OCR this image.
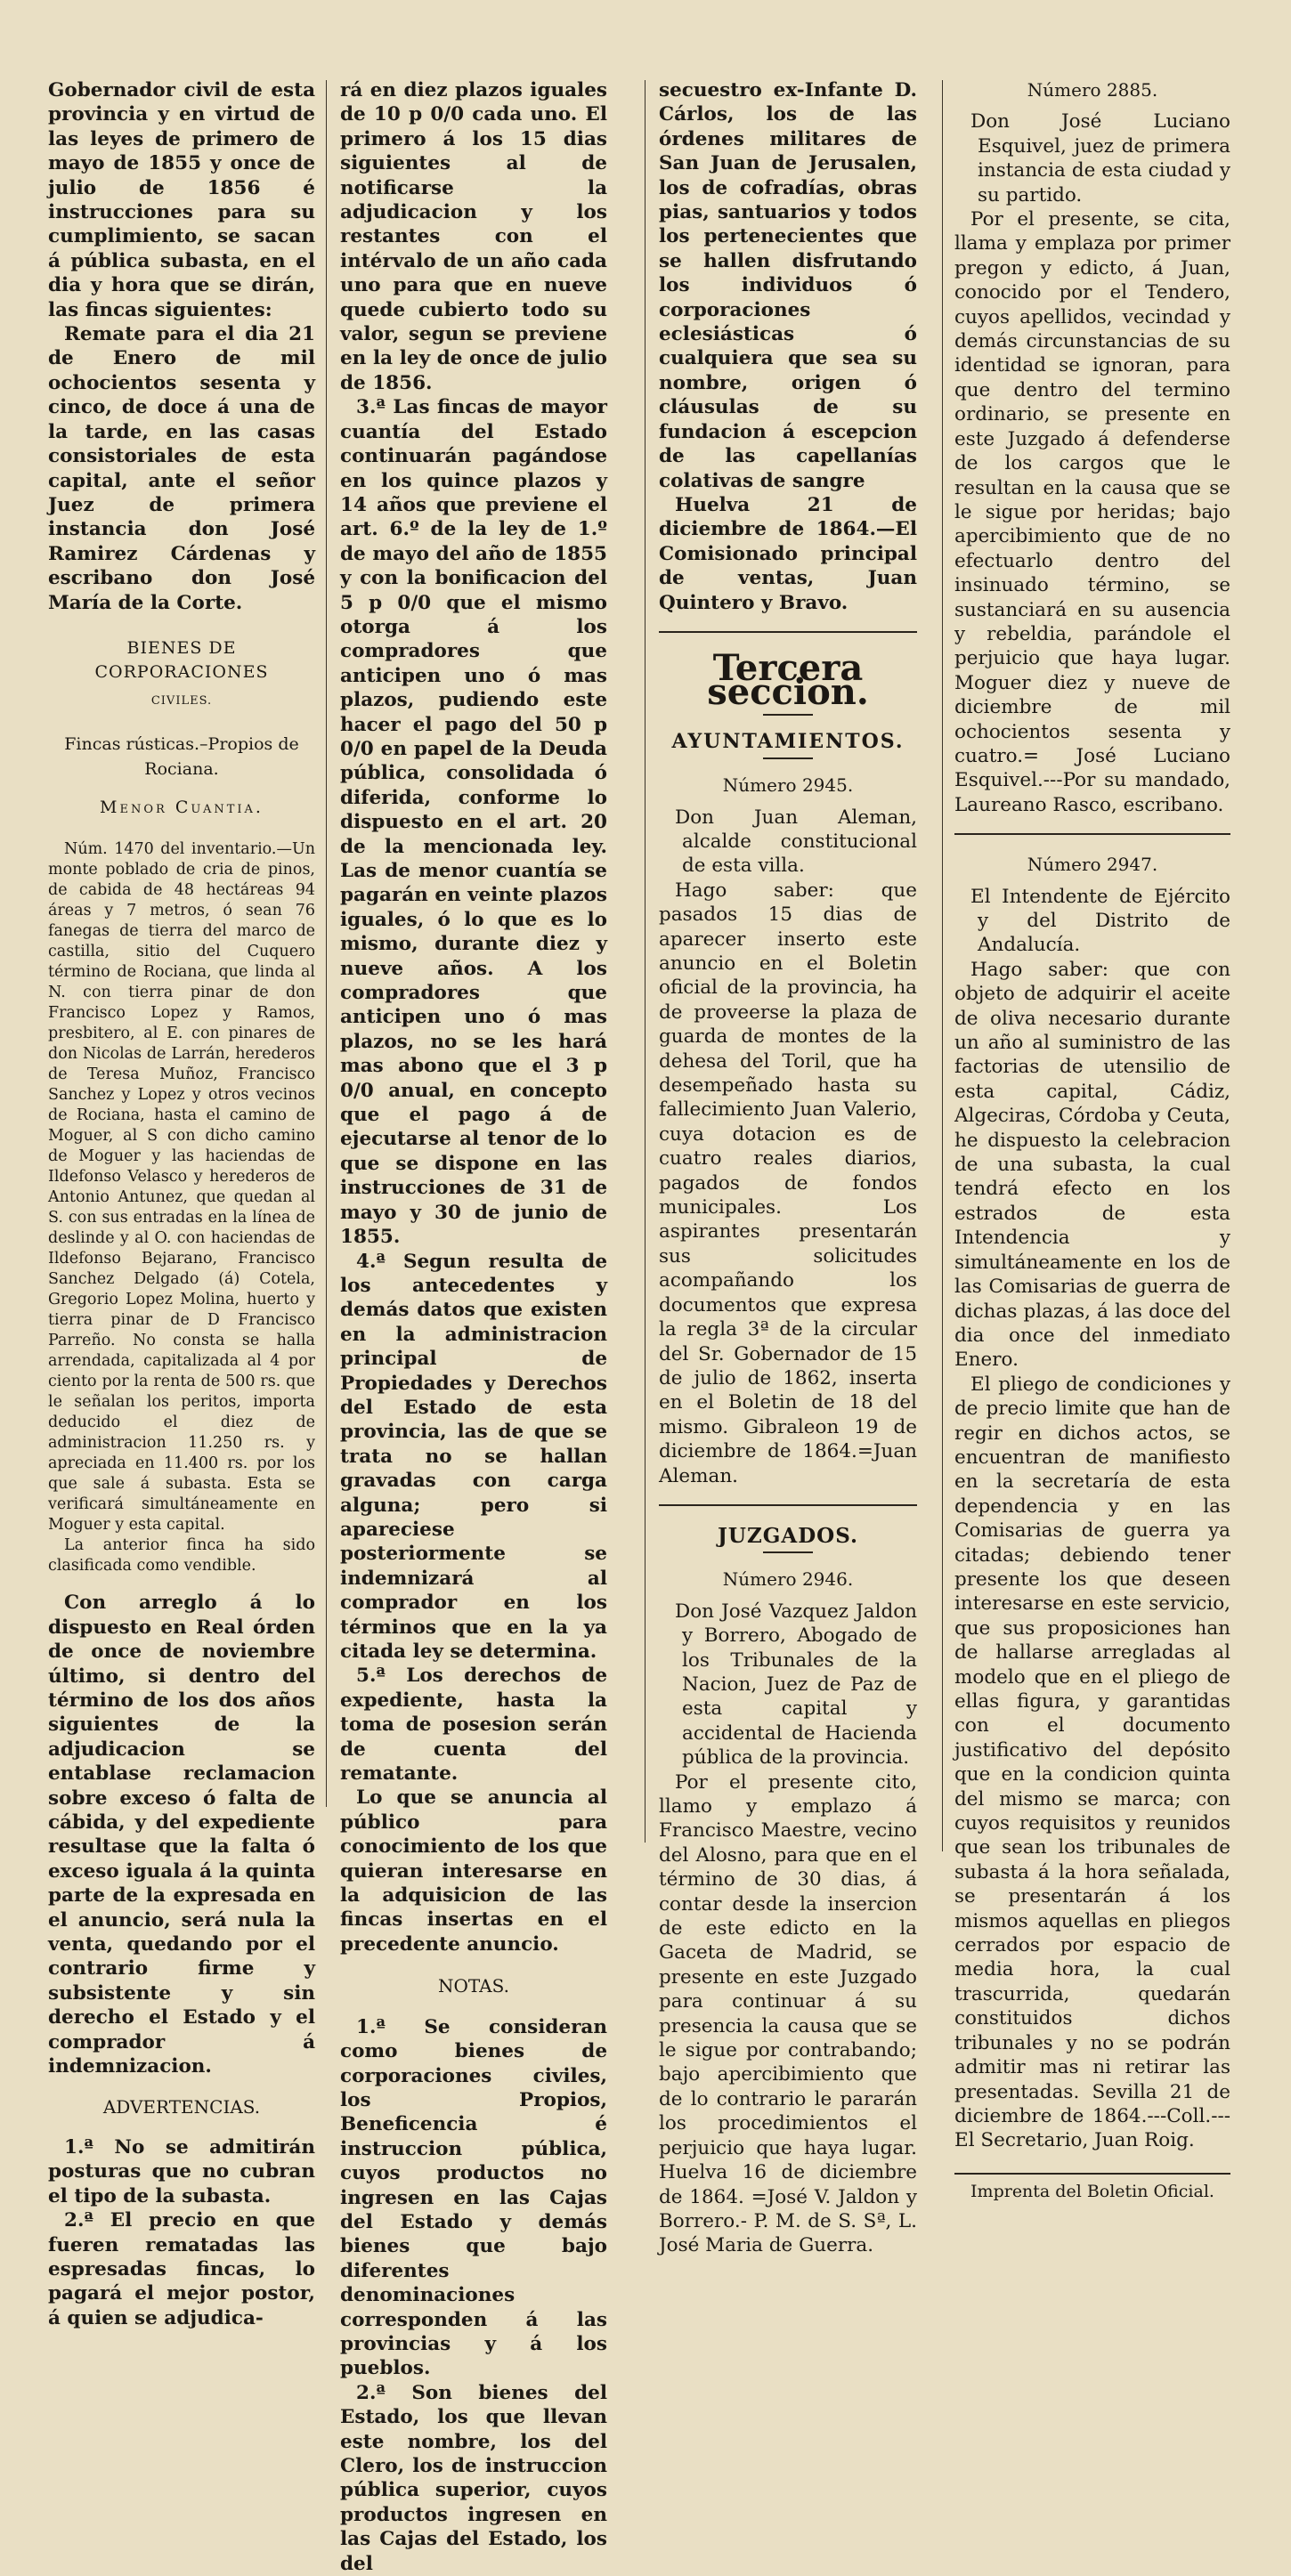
Gobernador civil de esta provincia y en virtud de las leyes de primero de mayo de 1855 y once de julio de 1856 é instrucciones para su cumplimiento, se sacan á pública subasta, en el dia y hora que se dirán, las fincas siguientes:

Remate para el dia 21 de Enero de mil ochocientos sesenta y cinco, de doce á una de la tarde, en las casas consistoriales de esta capital, ante el señor Juez de primera instancia don José Ramirez Cárdenas y escribano don José María de la Corte.

BIENES DE CORPORACIONES
CIVILES.

Fincas rústicas.–Propios de Rociana.

Menor Cuantia.

Núm. 1470 del inventario.—Un monte poblado de cria de pinos, de cabida de 48 hectáreas 94 áreas y 7 metros, ó sean 76 fanegas de tierra del marco de castilla, sitio del Cuquero término de Rociana, que linda al N. con tierra pinar de don Francisco Lopez y Ramos, presbitero, al E. con pinares de don Nicolas de Larrán, herederos de Teresa Muñoz, Francisco Sanchez y Lopez y otros vecinos de Rociana, hasta el camino de Moguer, al S con dicho camino de Moguer y las haciendas de Ildefonso Velasco y herederos de Antonio Antunez, que quedan al S. con sus entradas en la línea de deslinde y al O. con haciendas de Ildefonso Bejarano, Francisco Sanchez Delgado (á) Cotela, Gregorio Lopez Molina, huerto y tierra pinar de D Francisco Parreño. No consta se halla arrendada, capitalizada al 4 por ciento por la renta de 500 rs. que le señalan los peritos, importa deducido el diez de administracion 11.250 rs. y apreciada en 11.400 rs. por los que sale á subasta. Esta se verificará simultáneamente en Moguer y esta capital.

La anterior finca ha sido clasificada como vendible.

Con arreglo á lo dispuesto en Real órden de once de noviembre último, si dentro del término de los dos años siguientes de la adjudicacion se entablase reclamacion sobre exceso ó falta de cábida, y del expediente resultase que la falta ó exceso iguala á la quinta parte de la expresada en el anuncio, será nula la venta, quedando por el contrario firme y subsistente y sin derecho el Estado y el comprador á indemnizacion.

ADVERTENCIAS.

1.ª No se admitirán posturas que no cubran el tipo de la subasta.

2.ª El precio en que fueren rematadas las espresadas fincas, lo pagará el mejor postor, á quien se adjudica-

rá en diez plazos iguales de 10 p 0/0 cada uno. El primero á los 15 dias siguientes al de notificarse la adjudicacion y los restantes con el intérvalo de un año cada uno para que en nueve quede cubierto todo su valor, segun se previene en la ley de once de julio de 1856.

3.ª Las fincas de mayor cuantía del Estado continuarán pagándose en los quince plazos y 14 años que previene el art. 6.º de la ley de 1.º de mayo del año de 1855 y con la bonificacion del 5 p 0/0 que el mismo otorga á los compradores que anticipen uno ó mas plazos, pudiendo este hacer el pago del 50 p 0/0 en papel de la Deuda pública, consolidada ó diferida, conforme lo dispuesto en el art. 20 de la mencionada ley. Las de menor cuantía se pagarán en veinte plazos iguales, ó lo que es lo mismo, durante diez y nueve años. A los compradores que anticipen uno ó mas plazos, no se les hará mas abono que el 3 p 0/0 anual, en concepto que el pago á de ejecutarse al tenor de lo que se dispone en las instrucciones de 31 de mayo y 30 de junio de 1855.

4.ª Segun resulta de los antecedentes y demás datos que existen en la administracion principal de Propiedades y Derechos del Estado de esta provincia, las de que se trata no se hallan gravadas con carga alguna; pero si apareciese posteriormente se indemnizará al comprador en los términos que en la ya citada ley se determina.

5.ª Los derechos de expediente, hasta la toma de posesion serán de cuenta del rematante.

Lo que se anuncia al público para conocimiento de los que quieran interesarse en la adquisicion de las fincas insertas en el precedente anuncio.

NOTAS.

1.ª Se consideran como bienes de corporaciones civiles, los Propios, Beneficencia é instruccion pública, cuyos productos no ingresen en las Cajas del Estado y demás bienes que bajo diferentes denominaciones corresponden á las provincias y á los pueblos.

2.ª Son bienes del Estado, los que llevan este nombre, los del Clero, los de instruccion pública superior, cuyos productos ingresen en las Cajas del Estado, los del

secuestro ex-Infante D. Cárlos, los de las órdenes militares de San Juan de Jerusalen, los de cofradías, obras pias, santuarios y todos los pertenecientes que se hallen disfrutando los individuos ó corporaciones eclesiásticas ó cualquiera que sea su nombre, origen ó cláusulas de su fundacion á escepcion de las capellanías colativas de sangre

Huelva 21 de diciembre de 1864.—El Comisionado principal de ventas, Juan Quintero y Bravo.

Tercera seccion.
AYUNTAMIENTOS.
Número 2945.

Don Juan Aleman, alcalde constitucional de esta villa.

Hago saber: que pasados 15 dias de aparecer inserto este anuncio en el Boletin oficial de la provincia, ha de proveerse la plaza de guarda de montes de la dehesa del Toril, que ha desempeñado hasta su fallecimiento Juan Valerio, cuya dotacion es de cuatro reales diarios, pagados de fondos municipales. Los aspirantes presentarán sus solicitudes acompañando los documentos que expresa la regla 3ª de la circular del Sr. Gobernador de 15 de julio de 1862, inserta en el Boletin de 18 del mismo. Gibraleon 19 de diciembre de 1864.=Juan Aleman.

JUZGADOS.
Número 2946.

Don José Vazquez Jaldon y Borrero, Abogado de los Tribunales de la Nacion, Juez de Paz de esta capital y accidental de Hacienda pública de la provincia.

Por el presente cito, llamo y emplazo á Francisco Maestre, vecino del Alosno, para que en el término de 30 dias, á contar desde la insercion de este edicto en la Gaceta de Madrid, se presente en este Juzgado para continuar á su presencia la causa que se le sigue por contrabando; bajo apercibimiento que de lo contrario le pararán los procedimientos el perjuicio que haya lugar. Huelva 16 de diciembre de 1864. =José V. Jaldon y Borrero.- P. M. de S. Sª, L. José Maria de Guerra.

Número 2885.

Don José Luciano Esquivel, juez de primera instancia de esta ciudad y su partido.

Por el presente, se cita, llama y emplaza por primer pregon y edicto, á Juan, conocido por el Tendero, cuyos apellidos, vecindad y demás circunstancias de su identidad se ignoran, para que dentro del termino ordinario, se presente en este Juzgado á defenderse de los cargos que le resultan en la causa que se le sigue por heridas; bajo apercibimiento que de no efectuarlo dentro del insinuado término, se sustanciará en su ausencia y rebeldia, parándole el perjuicio que haya lugar. Moguer diez y nueve de diciembre de mil ochocientos sesenta y cuatro.= José Luciano Esquivel.---Por su mandado, Laureano Rasco, escribano.

Número 2947.

El Intendente de Ejército y del Distrito de Andalucía.

Hago saber: que con objeto de adquirir el aceite de oliva necesario durante un año al suministro de las factorias de utensilio de esta capital, Cádiz, Algeciras, Córdoba y Ceuta, he dispuesto la celebracion de una subasta, la cual tendrá efecto en los estrados de esta Intendencia y simultáneamente en los de las Comisarias de guerra de dichas plazas, á las doce del dia once del inmediato Enero.

El pliego de condiciones y de precio limite que han de regir en dichos actos, se encuentran de manifiesto en la secretaría de esta dependencia y en las Comisarias de guerra ya citadas; debiendo tener presente los que deseen interesarse en este servicio, que sus proposiciones han de hallarse arregladas al modelo que en el pliego de ellas figura, y garantidas con el documento justificativo del depósito que en la condicion quinta del mismo se marca; con cuyos requisitos y reunidos que sean los tribunales de subasta á la hora señalada, se presentarán á los mismos aquellas en pliegos cerrados por espacio de media hora, la cual trascurrida, quedarán constituidos dichos tribunales y no se podrán admitir mas ni retirar las presentadas. Sevilla 21 de diciembre de 1864.---Coll.---El Secretario, Juan Roig.

Imprenta del Boletin Oficial.
